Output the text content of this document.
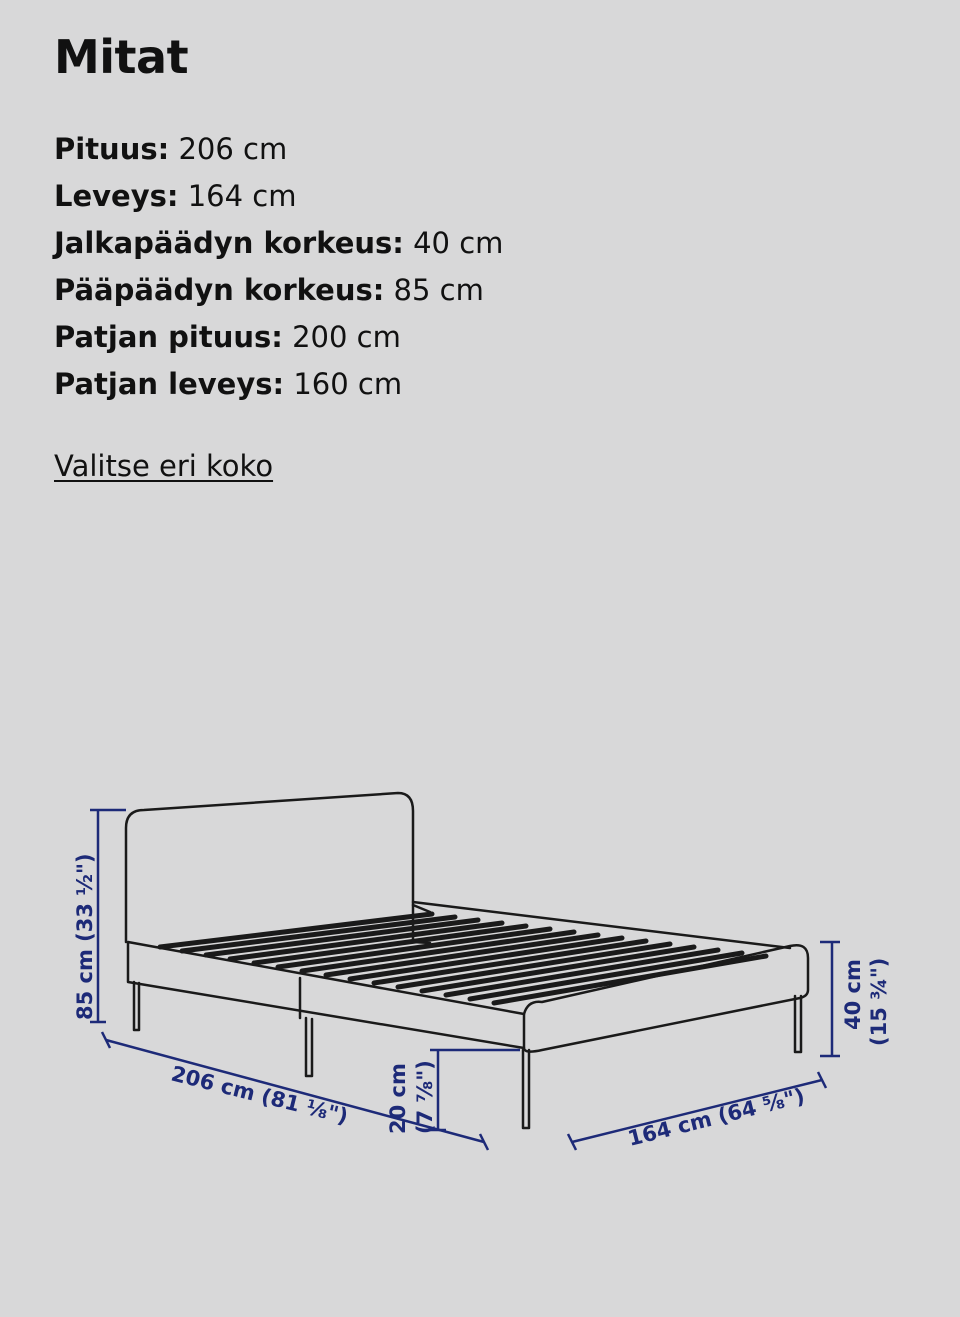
Mitat
Pituus: 206 cm
Leveys: 164 cm
Jalkapäädyn korkeus: 40 cm
Pääpäädyn korkeus: 85 cm
Patjan pituus: 200 cm
Patjan leveys: 160 cm
Valitse eri koko
85 cm (33 ½")
206 cm (81 ⅛") 20 cm (7 ⅞")	164 cm (64 ⅝")
40 cm (15 ¾")
